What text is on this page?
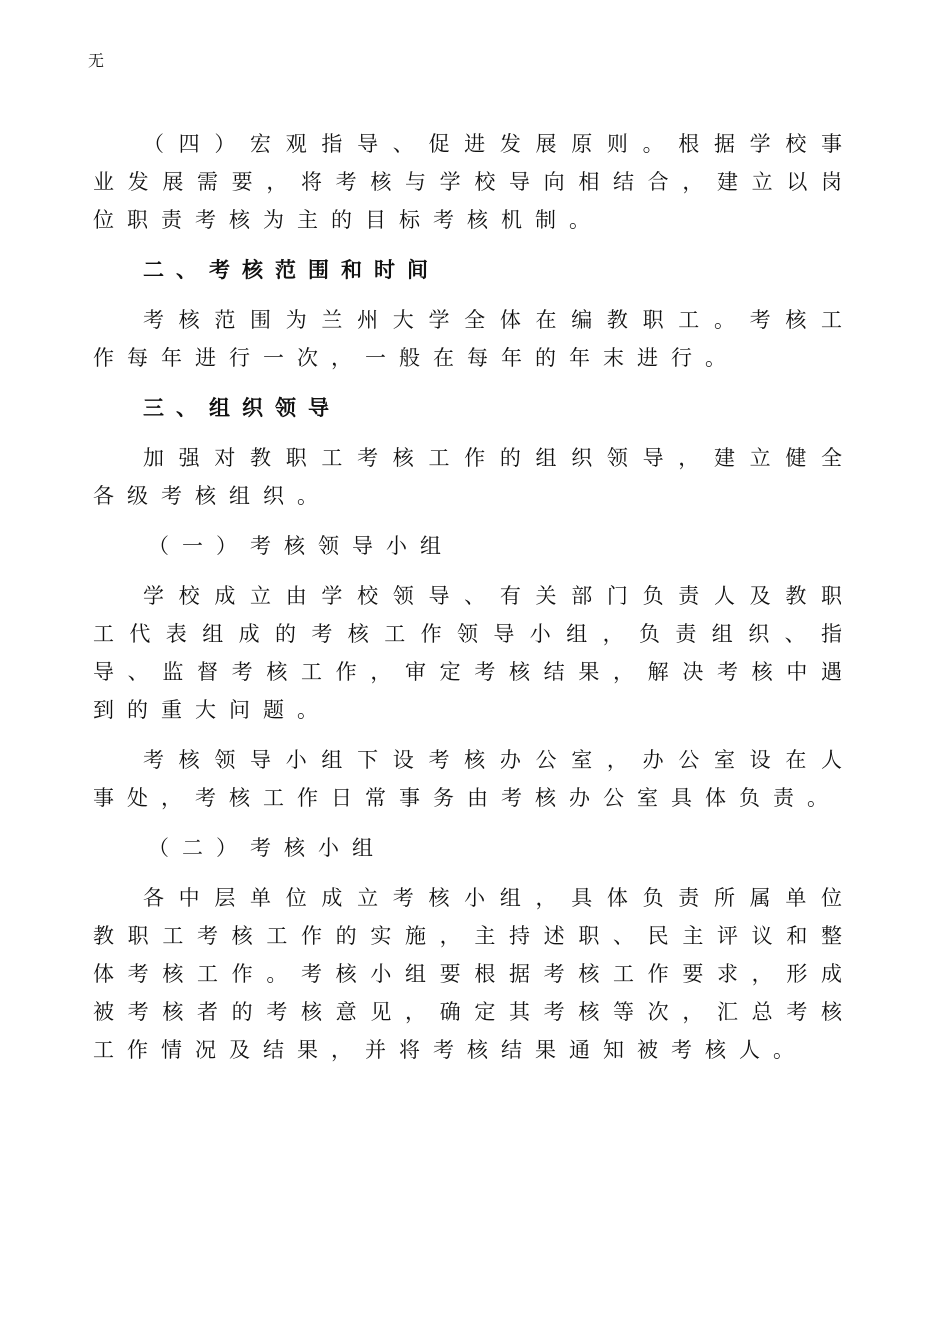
无

（四）宏观指导、促进发展原则。根据学校事业发展需要，将考核与学校导向相结合，建立以岗位职责考核为主的目标考核机制。

二、考核范围和时间

考核范围为兰州大学全体在编教职工。考核工作每年进行一次，一般在每年的年末进行。

三、组织领导

加强对教职工考核工作的组织领导，建立健全各级考核组织。

（一）考核领导小组

学校成立由学校领导、有关部门负责人及教职工代表组成的考核工作领导小组，负责组织、指导、监督考核工作，审定考核结果，解决考核中遇到的重大问题。

考核领导小组下设考核办公室，办公室设在人事处，考核工作日常事务由考核办公室具体负责。

（二）考核小组

各中层单位成立考核小组，具体负责所属单位教职工考核工作的实施，主持述职、民主评议和整体考核工作。考核小组要根据考核工作要求，形成被考核者的考核意见，确定其考核等次，汇总考核工作情况及结果，并将考核结果通知被考核人。
